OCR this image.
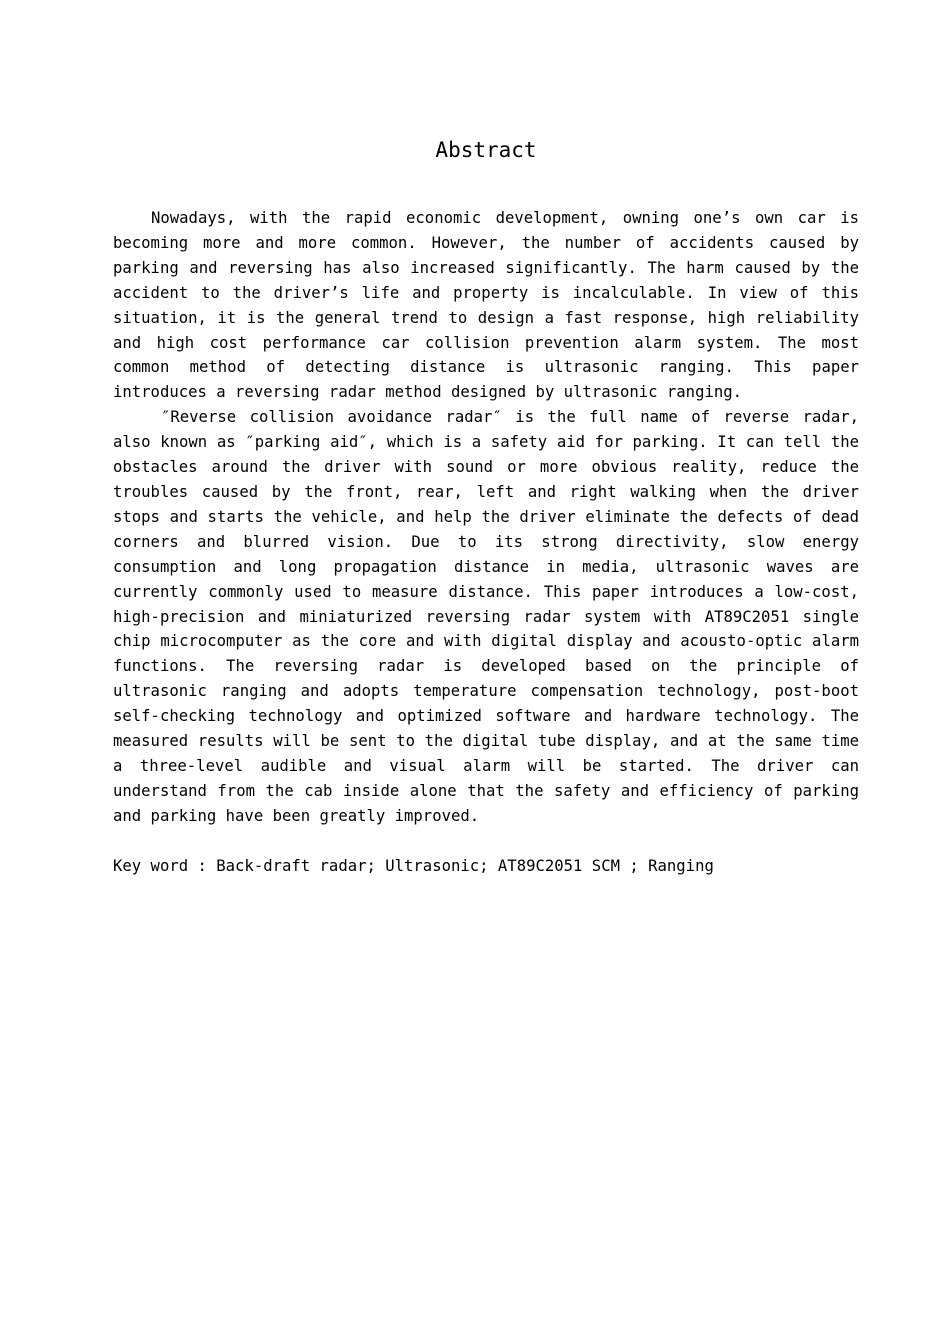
Abstract

Nowadays, with the rapid economic development, owning one’s own car is becoming more and more common. However, the number of accidents caused by parking and reversing has also increased significantly. The harm caused by the accident to the driver’s life and property is incalculable. In view of this situation, it is the general trend to design a fast response, high reliability and high cost performance car collision prevention alarm system. The most common method of detecting distance is ultrasonic ranging. This paper introduces a reversing radar method designed by ultrasonic ranging.

″Reverse collision avoidance radar″ is the full name of reverse radar, also known as ″parking aid″, which is a safety aid for parking. It can tell the obstacles around the driver with sound or more obvious reality, reduce the troubles caused by the front, rear, left and right walking when the driver stops and starts the vehicle, and help the driver eliminate the defects of dead corners and blurred vision. Due to its strong directivity, slow energy consumption and long propagation distance in media, ultrasonic waves are currently commonly used to measure distance. This paper introduces a low-cost, high-precision and miniaturized reversing radar system with AT89C2051 single chip microcomputer as the core and with digital display and acousto-optic alarm functions. The reversing radar is developed based on the principle of ultrasonic ranging and adopts temperature compensation technology, post-boot self-checking technology and optimized software and hardware technology. The measured results will be sent to the digital tube display, and at the same time a three-level audible and visual alarm will be started. The driver can understand from the cab inside alone that the safety and efficiency of parking and parking have been greatly improved.

Key word : Back-draft radar; Ultrasonic; AT89C2051 SCM ; Ranging
